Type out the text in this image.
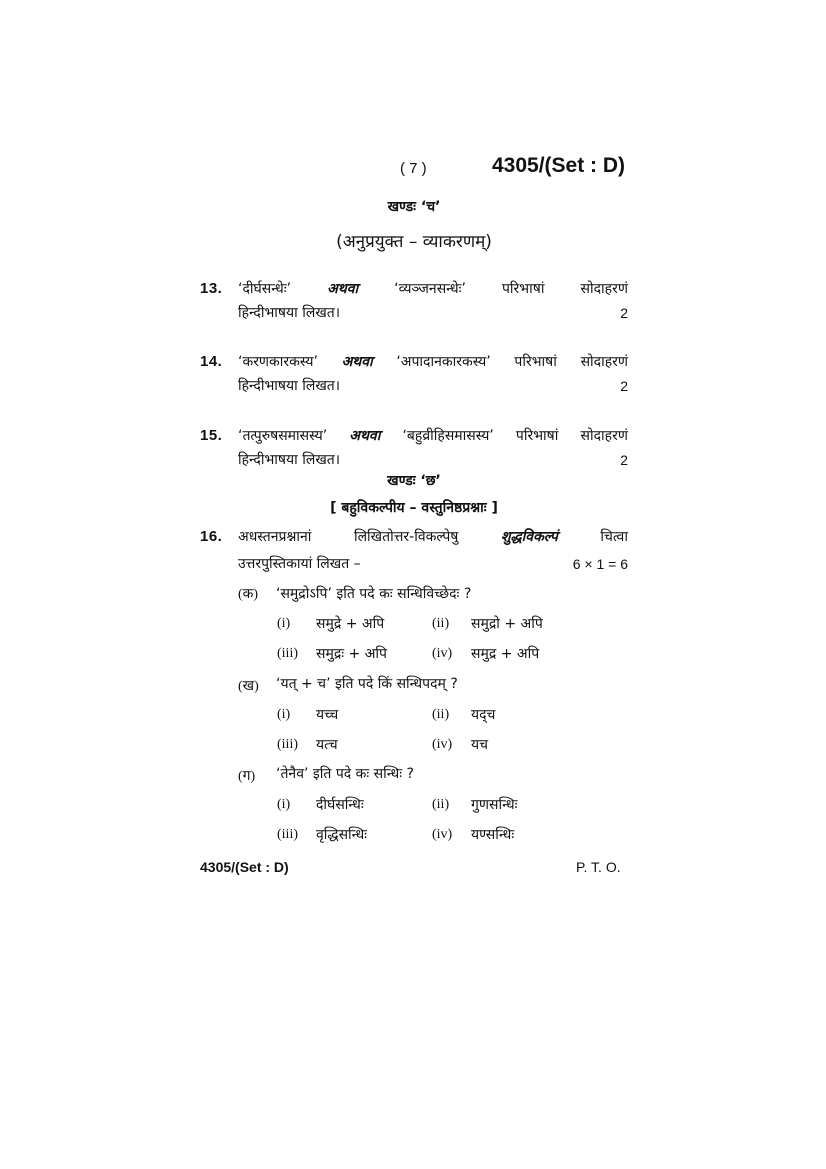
( 7 )	4305/(Set : D)
खण्डः ‘च’
(अनुप्रयुक्त – व्याकरणम्)
13. ‘दीर्घसन्धेः’	अथवा	‘व्यञ्जनसन्धेः’	परिभाषां	सोदाहरणं
हिन्दीभाषया लिखत।	2
14. ‘करणकारकस्य’ अथवा ‘अपादानकारकस्य’ परिभाषां सोदाहरणं
हिन्दीभाषया लिखत।	2
15. ‘तत्पुरुषसमासस्य’ अथवा ‘बहुव्रीहिसमासस्य’ परिभाषां सोदाहरणं
हिन्दीभाषया लिखत।	2
खण्डः ‘छ’
[ बहुविकल्पीय – वस्तुनिष्ठप्रश्नाः ]
16. अधस्तनप्रश्नानां	लिखितोत्तर-विकल्पेषु	शुद्धविकल्पं	चित्वा
उत्तरपुस्तिकायां लिखत –	6 × 1 = 6
(क) ‘समुद्रोऽपि’ इति पदे कः सन्धिविच्छेदः ?
(i) समुद्रे + अपि	(ii) समुद्रो + अपि
(iii) समुद्रः + अपि	(iv) समुद्र + अपि
(ख) ‘यत् + च’ इति पदे किं सन्धिपदम् ?
(i) यच्च	(ii) यद्च
(iii) यत्च	(iv) यच
(ग) ‘तेनैव’ इति पदे कः सन्धिः ?
(i) दीर्घसन्धिः	(ii) गुणसन्धिः
(iii) वृद्धिसन्धिः	(iv) यण्सन्धिः
4305/(Set : D)	P. T. O.
